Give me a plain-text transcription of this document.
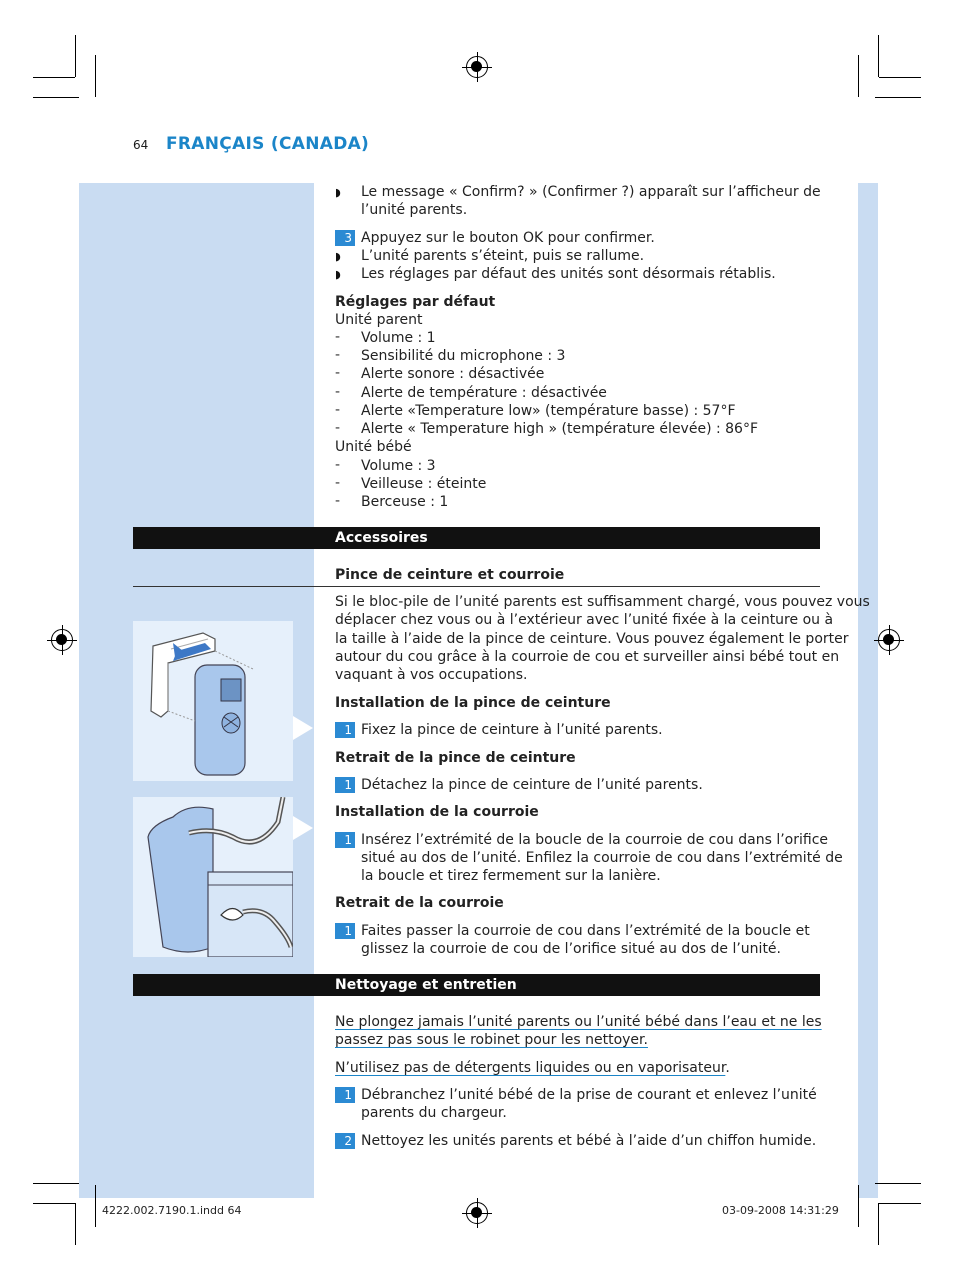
64 FRANÇAIS (CANADA)
◗ Le message « Confirm? » (Confirmer ?) apparaît sur l’afficheur de
l’unité parents.
3 Appuyez sur le bouton OK pour confirmer.
◗ L’unité parents s’éteint, puis se rallume.
◗ Les réglages par défaut des unités sont désormais rétablis.
Réglages par défaut
Unité parent
- Volume : 1
- Sensibilité du microphone : 3
- Alerte sonore : désactivée
- Alerte de température : désactivée
- Alerte «Temperature low» (température basse) : 57°F
- Alerte « Temperature high » (température élevée) : 86°F
Unité bébé
- Volume : 3
- Veilleuse : éteinte
- Berceuse : 1
Accessoires
Pince de ceinture et courroie
Si le bloc-pile de l’unité parents est suffisamment chargé, vous pouvez vous
déplacer chez vous ou à l’extérieur avec l’unité fixée à la ceinture ou à
la taille à l’aide de la pince de ceinture. Vous pouvez également le porter
autour du cou grâce à la courroie de cou et surveiller ainsi bébé tout en
vaquant à vos occupations.
Installation de la pince de ceinture
1 Fixez la pince de ceinture à l’unité parents.
Retrait de la pince de ceinture
1 Détachez la pince de ceinture de l’unité parents.
Installation de la courroie
1 Insérez l’extrémité de la boucle de la courroie de cou dans l’orifice
situé au dos de l’unité. Enfilez la courroie de cou dans l’extrémité de
la boucle et tirez fermement sur la lanière.
Retrait de la courroie
1 Faites passer la courroie de cou dans l’extrémité de la boucle et
glissez la courroie de cou de l’orifice situé au dos de l’unité.
Nettoyage et entretien
Ne plongez jamais l’unité parents ou l’unité bébé dans l’eau et ne les
passez pas sous le robinet pour les nettoyer.
N’utilisez pas de détergents liquides ou en vaporisateur.
1 Débranchez l’unité bébé de la prise de courant et enlevez l’unité
parents du chargeur.
2 Nettoyez les unités parents et bébé à l’aide d’un chiffon humide.
4222.002.7190.1.indd 64	03-09-2008 14:31:29
